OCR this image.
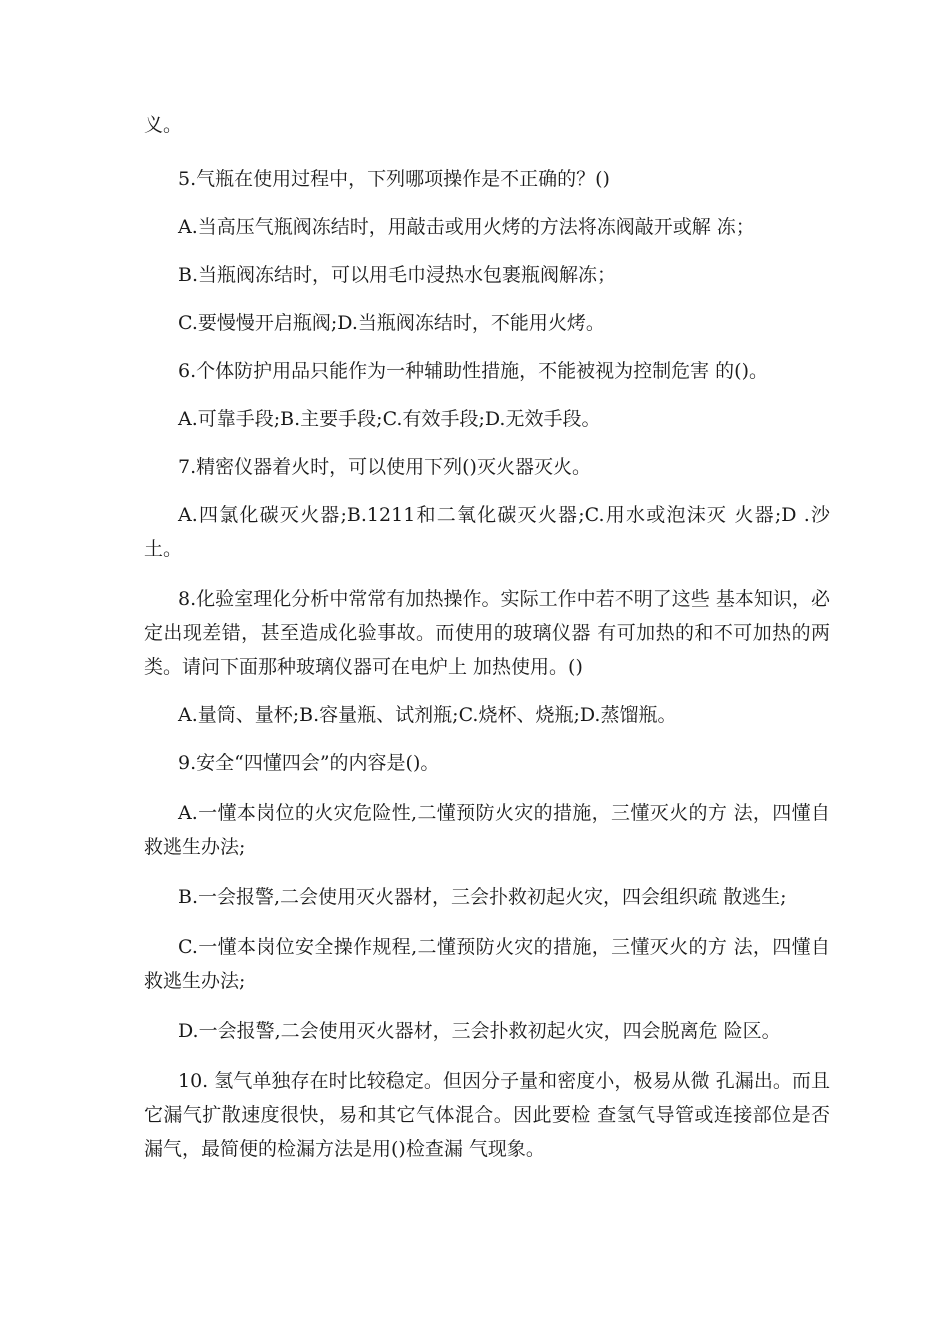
义。

5.气瓶在使用过程中，下列哪项操作是不正确的？()

A.当高压气瓶阀冻结时，用敲击或用火烤的方法将冻阀敲开或解 冻；

B.当瓶阀冻结时，可以用毛巾浸热水包裹瓶阀解冻；

C.要慢慢开启瓶阀;D.当瓶阀冻结时，不能用火烤。

6.个体防护用品只能作为一种辅助性措施，不能被视为控制危害 的()。

A.可靠手段;B.主要手段;C.有效手段;D.无效手段。

7.精密仪器着火时，可以使用下列()灭火器灭火。

A.四氯化碳灭火器;B.1211和二氧化碳灭火器;C.用水或泡沫灭 火器;D .沙土。

8.化验室理化分析中常常有加热操作。实际工作中若不明了这些 基本知识，必定出现差错，甚至造成化验事故。而使用的玻璃仪器 有可加热的和不可加热的两类。请问下面那种玻璃仪器可在电炉上 加热使用。()

A.量筒、量杯;B.容量瓶、试剂瓶;C.烧杯、烧瓶;D.蒸馏瓶。

9.安全“四懂四会”的内容是()。

A.一懂本岗位的火灾危险性,二懂预防火灾的措施，三懂灭火的方 法，四懂自救逃生办法;

B.一会报警,二会使用灭火器材，三会扑救初起火灾，四会组织疏 散逃生;

C.一懂本岗位安全操作规程,二懂预防火灾的措施，三懂灭火的方 法，四懂自救逃生办法;

D.一会报警,二会使用灭火器材，三会扑救初起火灾，四会脱离危 险区。

10. 氢气单独存在时比较稳定。但因分子量和密度小，极易从微 孔漏出。而且它漏气扩散速度很快，易和其它气体混合。因此要检 查氢气导管或连接部位是否漏气，最简便的检漏方法是用()检查漏 气现象。
